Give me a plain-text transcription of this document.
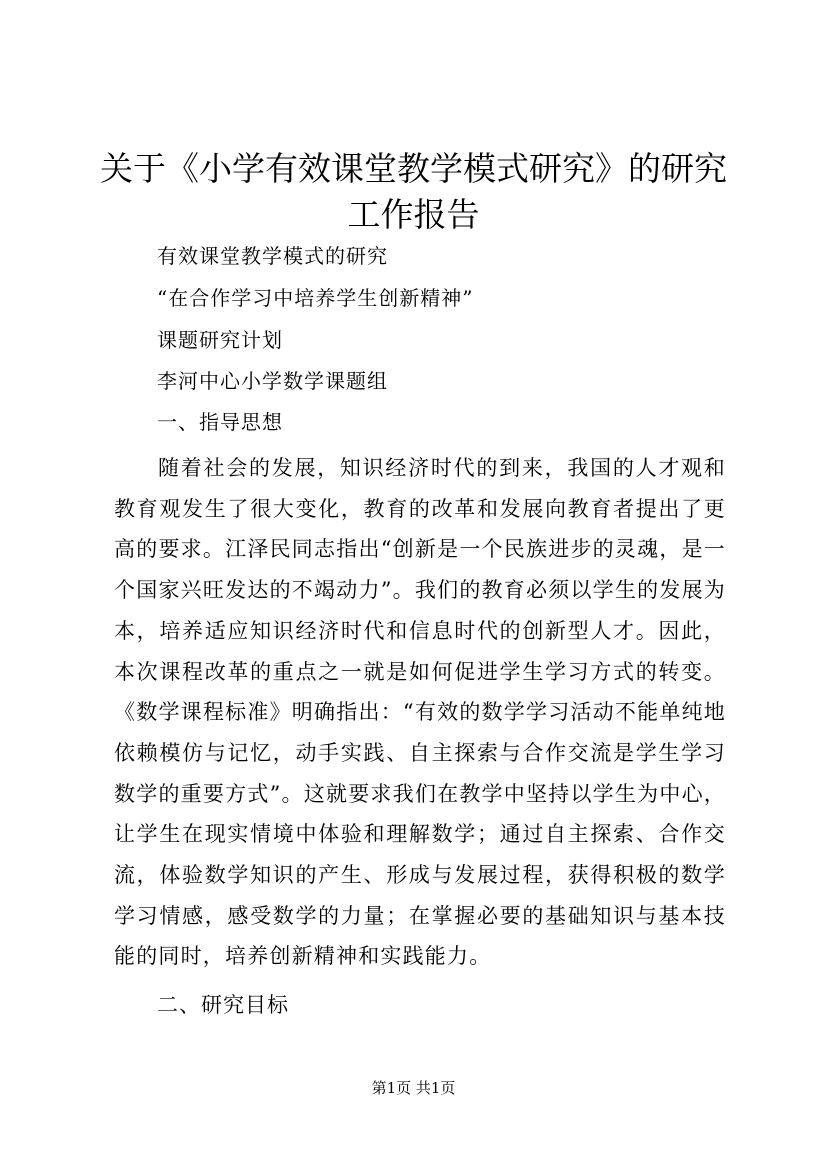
关于《小学有效课堂教学模式研究》的研究工作报告
有效课堂教学模式的研究
“在合作学习中培养学生创新精神”
课题研究计划
李河中心小学数学课题组
一、指导思想

随着社会的发展，知识经济时代的到来，我国的人才观和教育观发生了很大变化，教育的改革和发展向教育者提出了更高的要求。江泽民同志指出“创新是一个民族进步的灵魂，是一个国家兴旺发达的不竭动力”。我们的教育必须以学生的发展为本，培养适应知识经济时代和信息时代的创新型人才。因此，本次课程改革的重点之一就是如何促进学生学习方式的转变。《数学课程标准》明确指出：“有效的数学学习活动不能单纯地依赖模仿与记忆，动手实践、自主探索与合作交流是学生学习数学的重要方式”。这就要求我们在教学中坚持以学生为中心，让学生在现实情境中体验和理解数学；通过自主探索、合作交流，体验数学知识的产生、形成与发展过程，获得积极的数学学习情感，感受数学的力量；在掌握必要的基础知识与基本技能的同时，培养创新精神和实践能力。

二、研究目标
第1页 共1页
